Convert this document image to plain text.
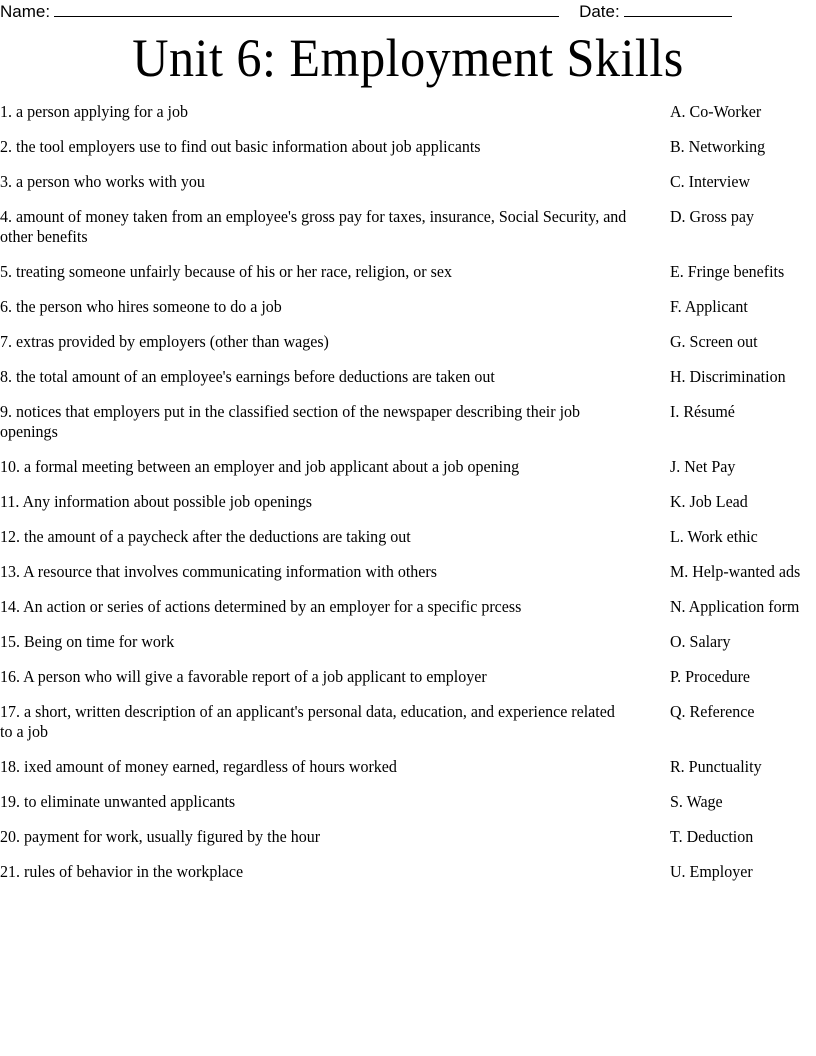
Name:	Date:
Unit 6: Employment Skills
1. a person applying for a job	A. Co-Worker
2. the tool employers use to find out basic information about job applicants	B. Networking
3. a person who works with you	C. Interview
4. amount of money taken from an employee's gross pay for taxes, insurance, Social Security, and other benefits
D. Gross pay
5. treating someone unfairly because of his or her race, religion, or sex	E. Fringe benefits
6. the person who hires someone to do a job	F. Applicant
7. extras provided by employers (other than wages)	G. Screen out
8. the total amount of an employee's earnings before deductions are taken out	H. Discrimination
9. notices that employers put in the classified section of the newspaper describing their job openings
I. Résumé
10. a formal meeting between an employer and job applicant about a job opening	J. Net Pay
11. Any information about possible job openings	K. Job Lead
12. the amount of a paycheck after the deductions are taking out	L. Work ethic
13. A resource that involves communicating information with others	M. Help-wanted ads
14. An action or series of actions determined by an employer for a specific prcess	N. Application form
15. Being on time for work	O. Salary
16. A person who will give a favorable report of a job applicant to employer	P. Procedure
17. a short, written description of an applicant's personal data, education, and experience related to a job
Q. Reference
18. ixed amount of money earned, regardless of hours worked	R. Punctuality
19. to eliminate unwanted applicants	S. Wage
20. payment for work, usually figured by the hour	T. Deduction
21. rules of behavior in the workplace	U. Employer
